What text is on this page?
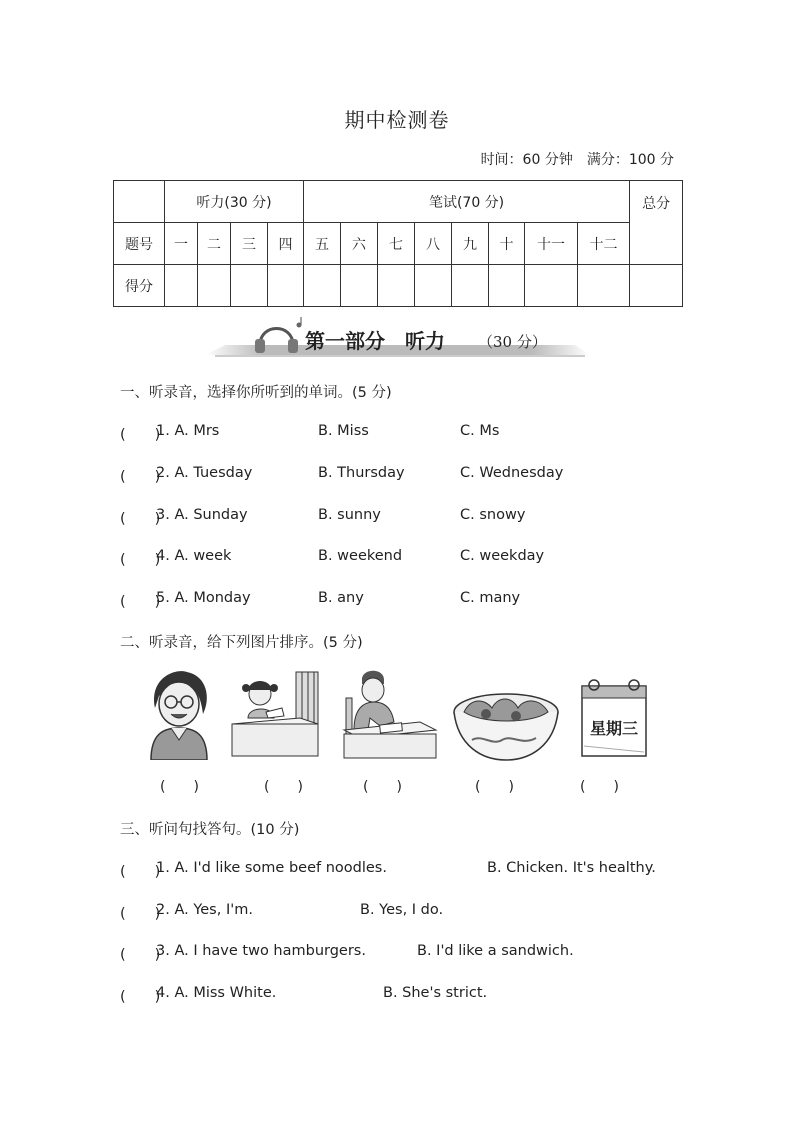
期中检测卷
时间：60 分钟　满分：100 分
	听力(30 分)				笔试(70 分)								总分
题号	一	二	三	四	五	六	七	八	九	十	十一	十二	
得分													
第一部分　听力 （30 分）
一、听录音，选择你所听到的单词。(5 分)
(　　)
1. A. Mrs	B. Miss	C. Ms
(　　)
2. A. Tuesday	B. Thursday	C. Wednesday
(　　)
3. A. Sunday	B. sunny	C. snowy
(　　)
4. A. week	B. weekend	C. weekday
(　　)
5. A. Monday	B. any	C. many
二、听录音，给下列图片排序。(5 分)
星期三
(　　)	(　　)	(　　)	(　　)	(　　)
三、听问句找答句。(10 分)
(　　)
1. A. I'd like some beef noodles.	B. Chicken. It's healthy.
(　　)
2. A. Yes, I'm.	B. Yes, I do.
(　　)
3. A. I have two hamburgers.	B. I'd like a sandwich.
(　　)
4. A. Miss White.	B. She's strict.
